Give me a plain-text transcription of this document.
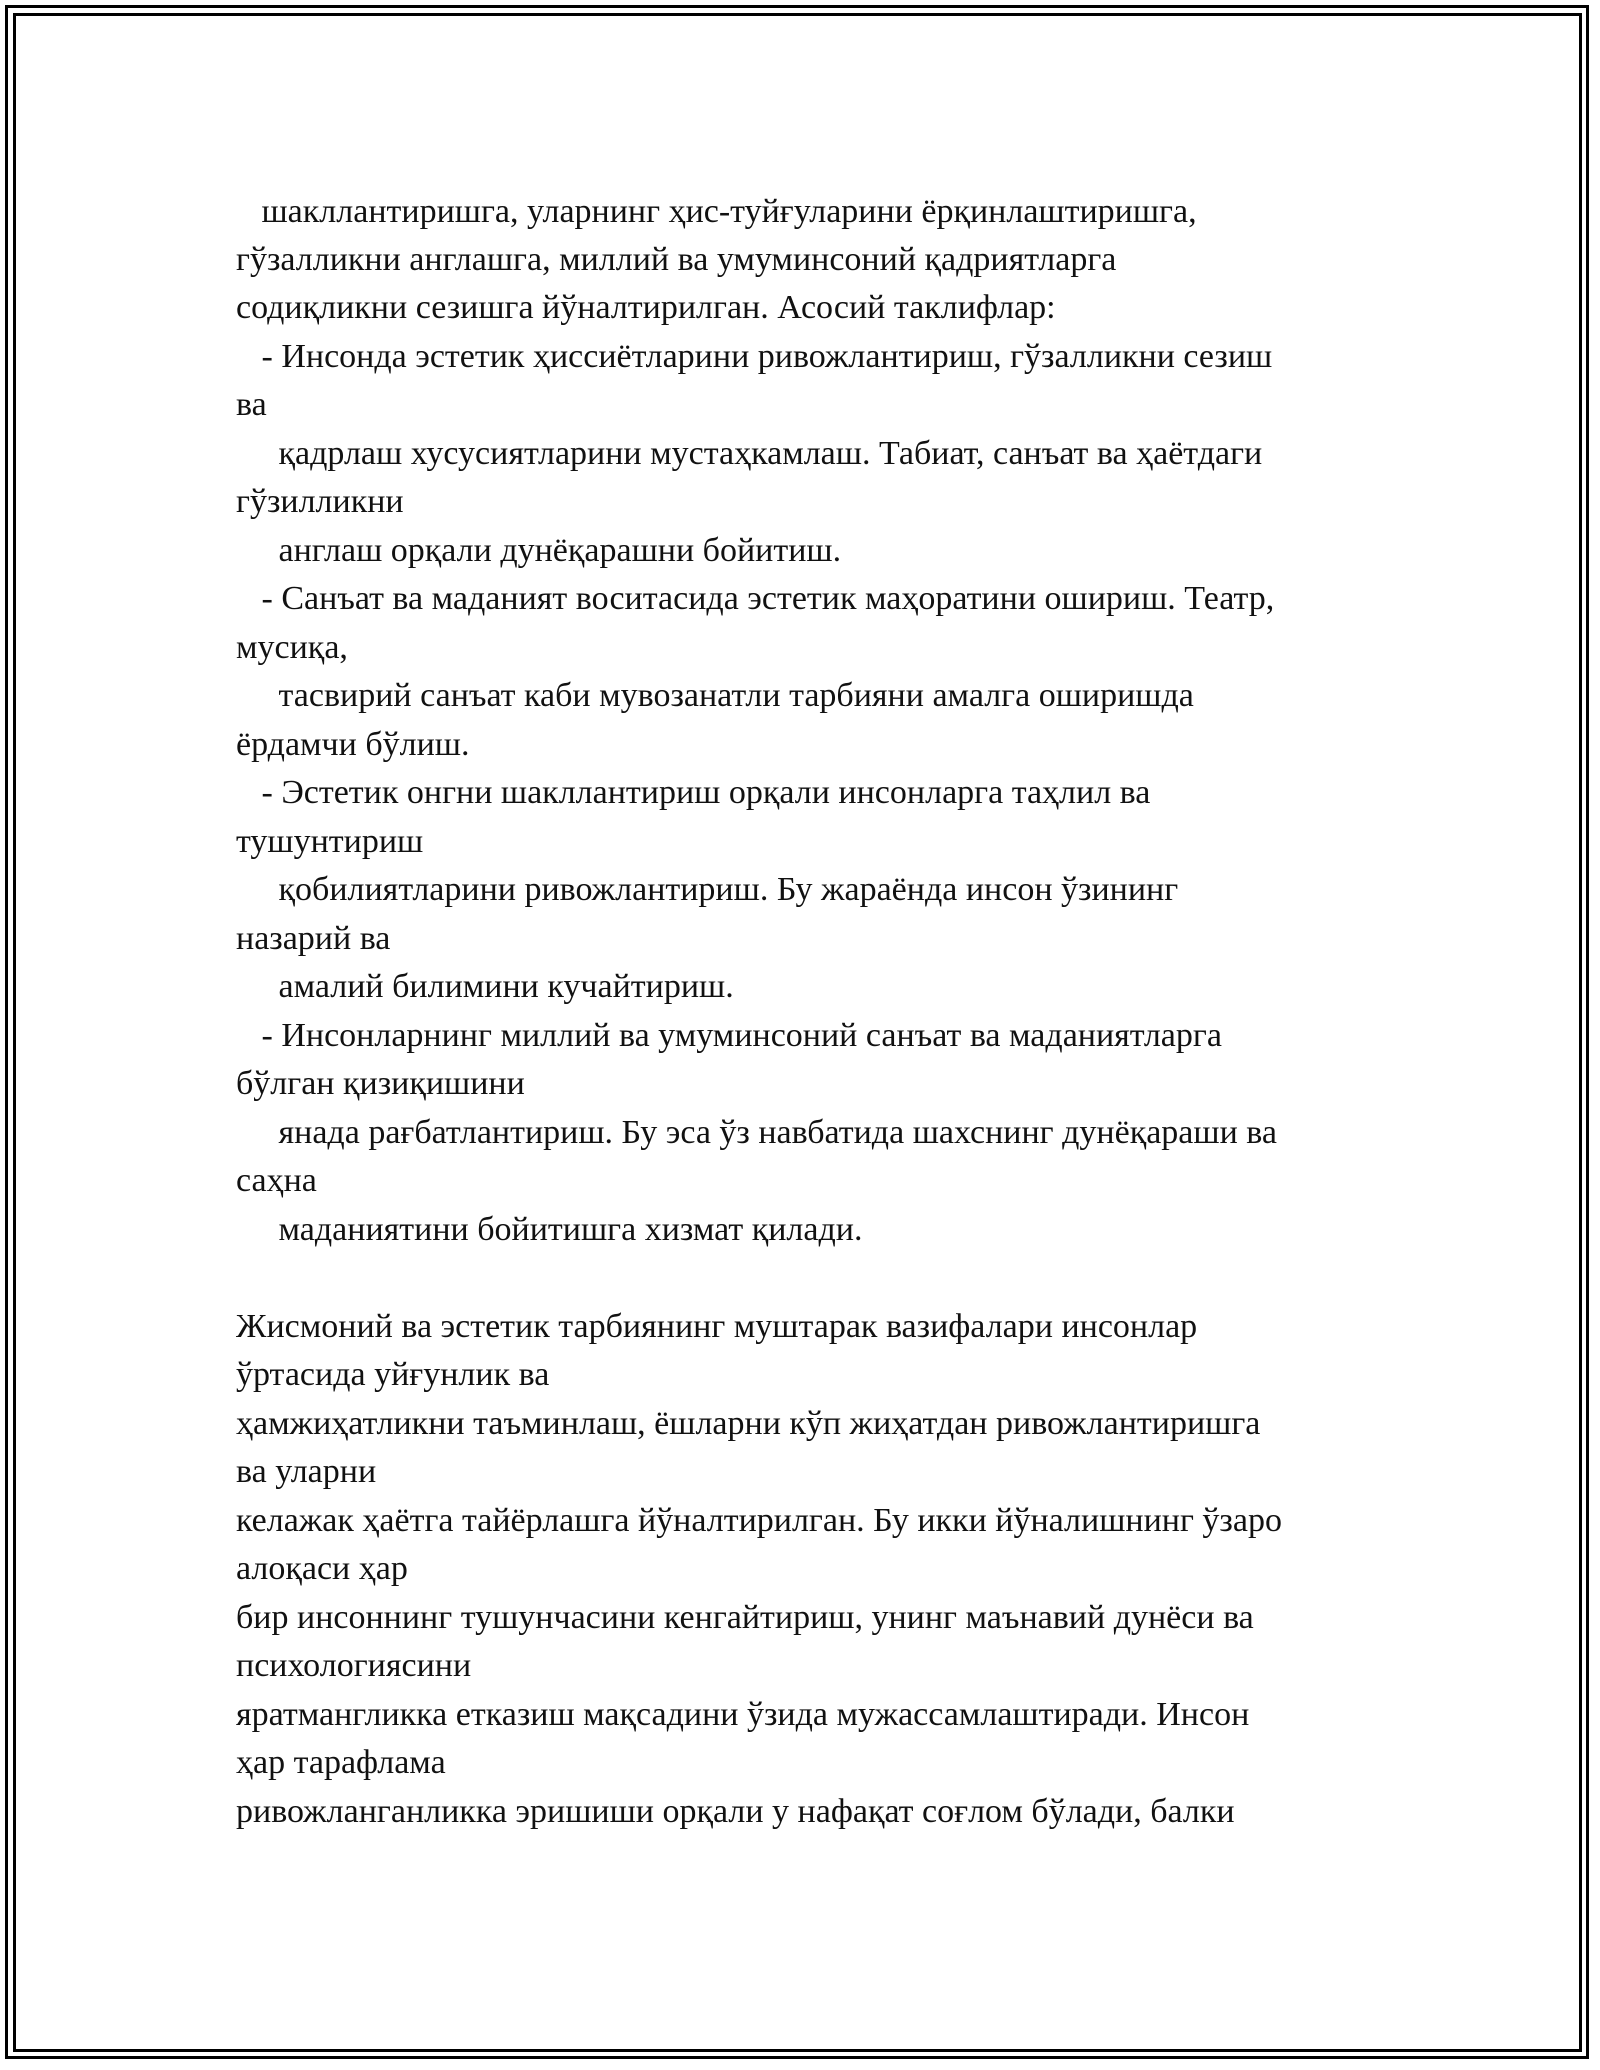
шакллантиришга, уларнинг ҳис-туйғуларини ёрқинлаштиришга,

гўзалликни англашга, миллий ва умуминсоний қадриятларга

содиқликни сезишга йўналтирилган. Асосий таклифлар:

- Инсонда эстетик ҳиссиётларини ривожлантириш, гўзалликни сезиш

ва

қадрлаш хусусиятларини мустаҳкамлаш. Табиат, санъат ва ҳаётдаги

гўзилликни

англаш орқали дунёқарашни бойитиш.

- Санъат ва маданият воситасида эстетик маҳоратини ошириш. Театр,

мусиқа,

тасвирий санъат каби мувозанатли тарбияни амалга оширишда

ёрдамчи бўлиш.

- Эстетик онгни шакллантириш орқали инсонларга таҳлил ва

тушунтириш

қобилиятларини ривожлантириш. Бу жараёнда инсон ўзининг

назарий ва

амалий билимини кучайтириш.

- Инсонларнинг миллий ва умуминсоний санъат ва маданиятларга

бўлган қизиқишини

янада рағбатлантириш. Бу эса ўз навбатида шахснинг дунёқараши ва

саҳна

маданиятини бойитишга хизмат қилади.

Жисмоний ва эстетик тарбиянинг муштарак вазифалари инсонлар

ўртасида уйғунлик ва

ҳамжиҳатликни таъминлаш, ёшларни кўп жиҳатдан ривожлантиришга

ва уларни

келажак ҳаётга тайёрлашга йўналтирилган. Бу икки йўналишнинг ўзаро

алоқаси ҳар

бир инсоннинг тушунчасини кенгайтириш, унинг маънавий дунёси ва

психологиясини

яратмангликка етказиш мақсадини ўзида мужассамлаштиради. Инсон

ҳар тарафлама

ривожланганликка эришиши орқали у нафақат соғлом бўлади, балки
